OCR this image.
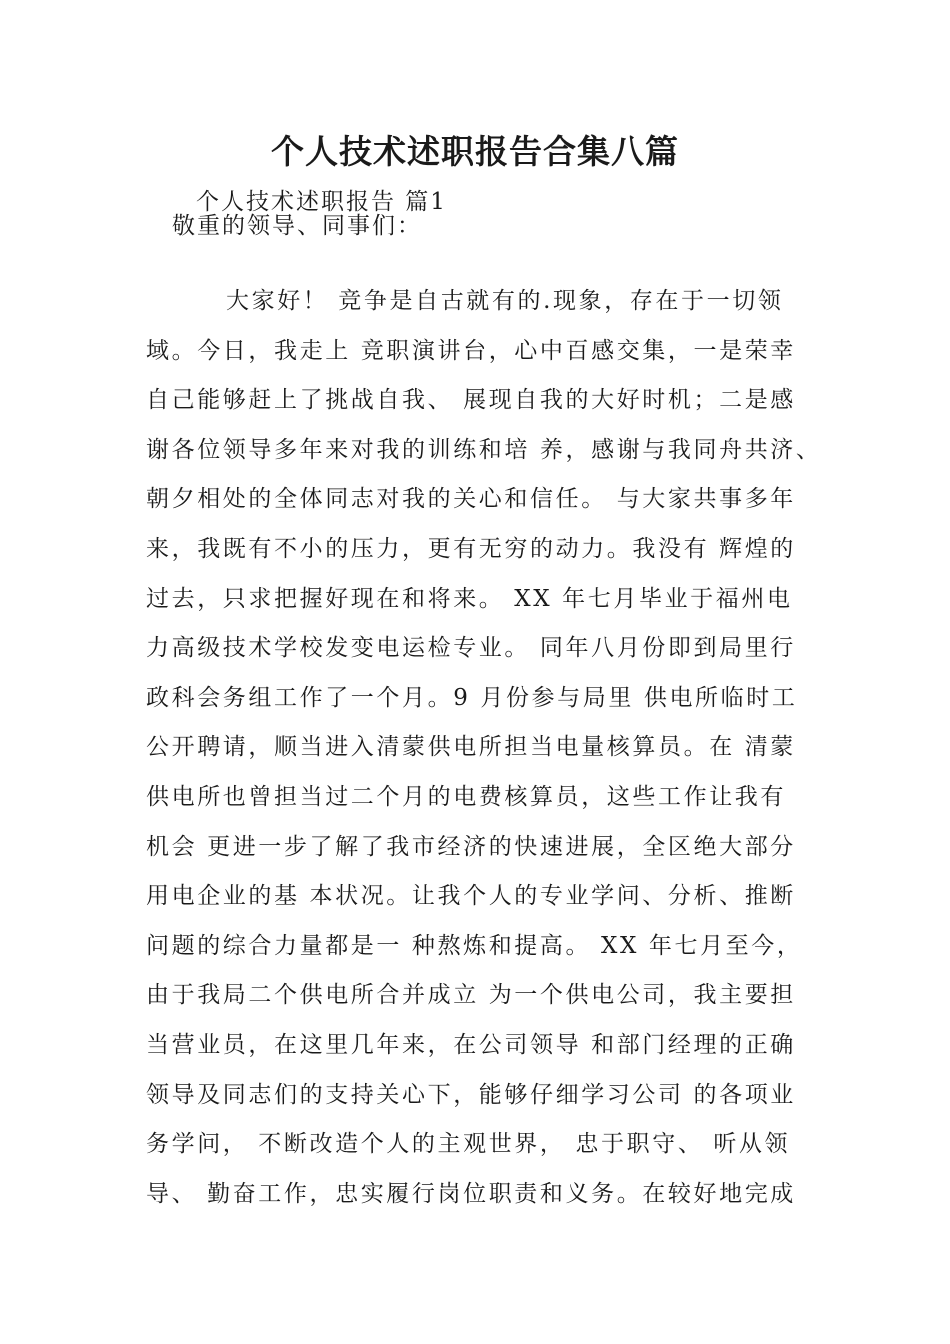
个人技术述职报告合集八篇

个人技术述职报告 篇1

敬重的领导、同事们：

大家好！ 竞争是自古就有的.现象，存在于一切领
域。今日，我走上 竞职演讲台，心中百感交集，一是荣幸
自己能够赶上了挑战自我、 展现自我的大好时机；二是感
谢各位领导多年来对我的训练和培 养，感谢与我同舟共济、
朝夕相处的全体同志对我的关心和信任。 与大家共事多年
来，我既有不小的压力，更有无穷的动力。我没有 辉煌的
过去，只求把握好现在和将来。 XX 年七月毕业于福州电
力高级技术学校发变电运检专业。 同年八月份即到局里行
政科会务组工作了一个月。9 月份参与局里 供电所临时工
公开聘请，顺当进入清蒙供电所担当电量核算员。在 清蒙
供电所也曾担当过二个月的电费核算员，这些工作让我有
机会 更进一步了解了我市经济的快速进展，全区绝大部分
用电企业的基 本状况。让我个人的专业学问、分析、推断
问题的综合力量都是一 种熬炼和提高。 XX 年七月至今，
由于我局二个供电所合并成立 为一个供电公司，我主要担
当营业员，在这里几年来，在公司领导 和部门经理的正确
领导及同志们的支持关心下，能够仔细学习公司 的各项业
务学问， 不断改造个人的主观世界， 忠于职守、 听从领
导、 勤奋工作，忠实履行岗位职责和义务。在较好地完成
